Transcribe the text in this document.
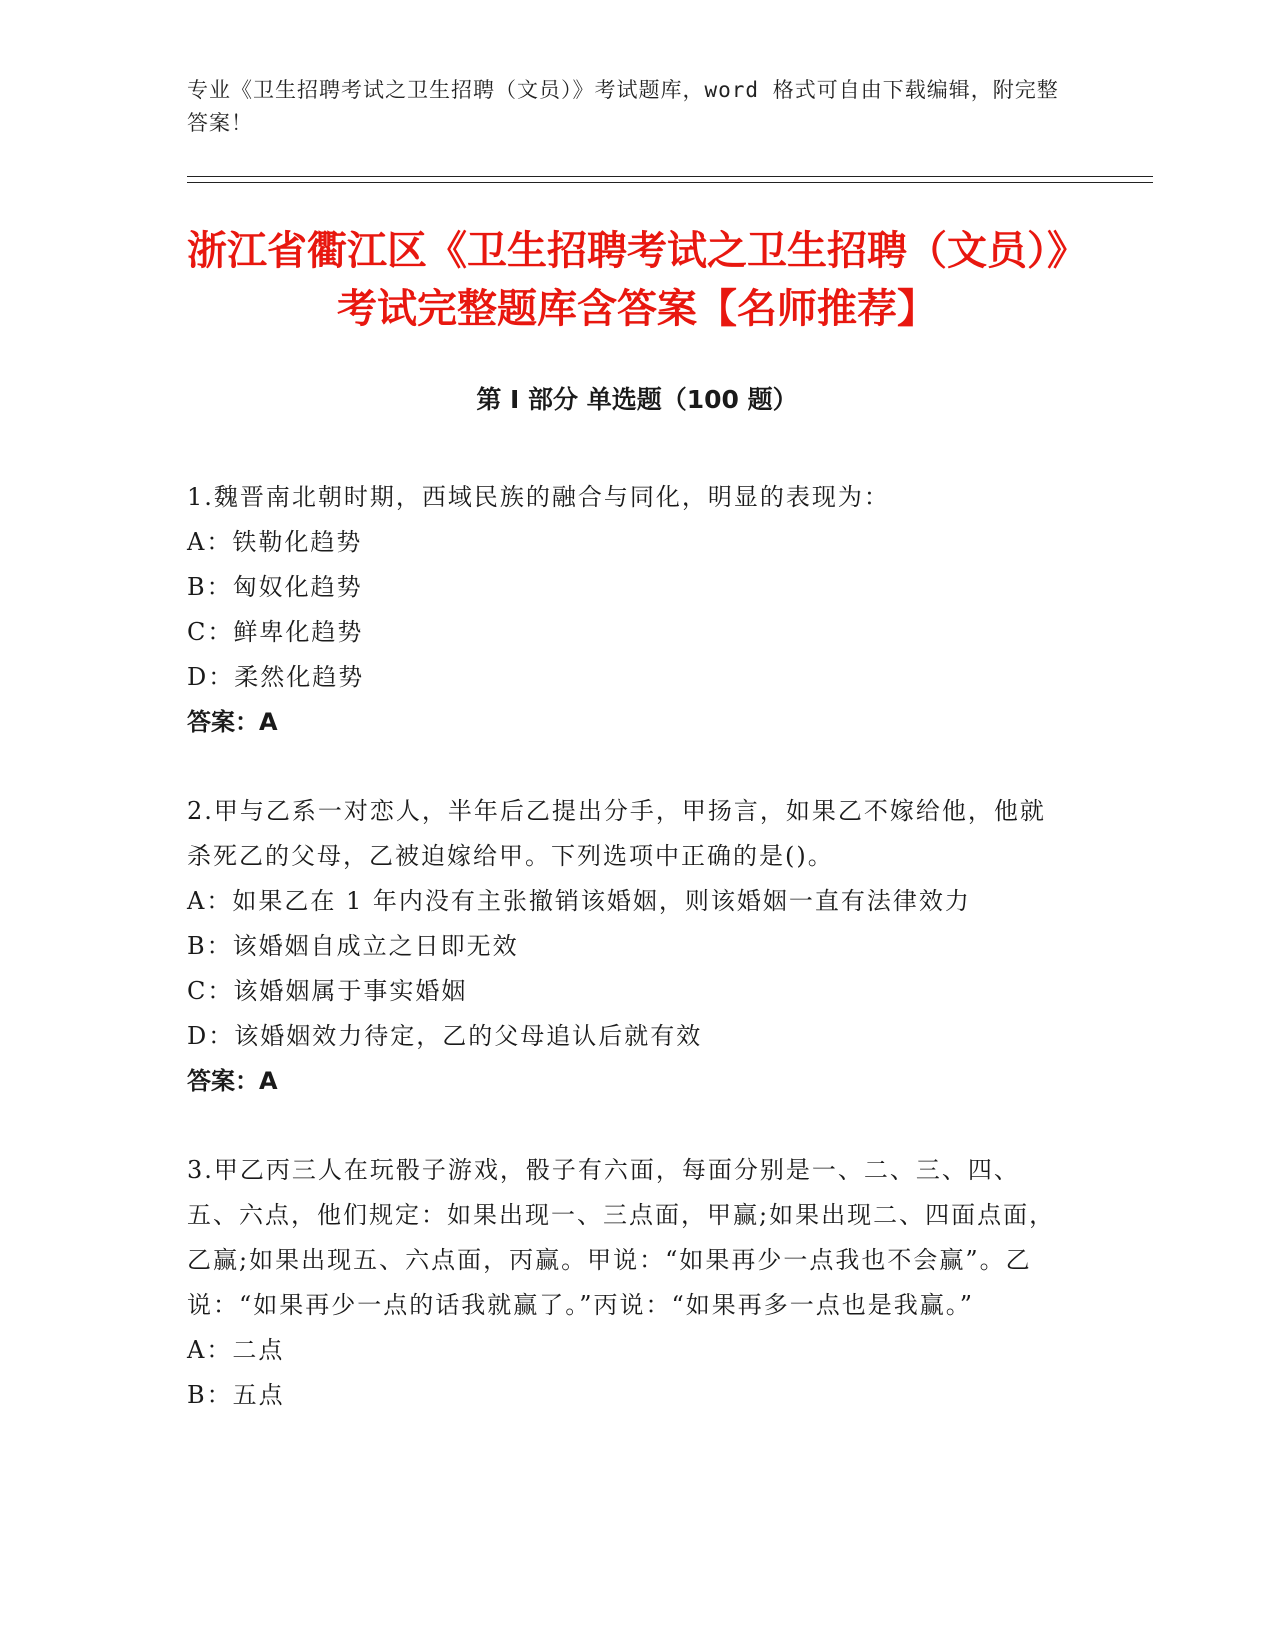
专业《卫生招聘考试之卫生招聘（文员）》考试题库，word 格式可自由下载编辑，附完整答案！
浙江省衢江区《卫生招聘考试之卫生招聘（文员）》考试完整题库含答案【名师推荐】
第 I 部分 单选题（100 题）
1.魏晋南北朝时期，西域民族的融合与同化，明显的表现为：
A：铁勒化趋势
B：匈奴化趋势
C：鲜卑化趋势
D：柔然化趋势
答案：A
2.甲与乙系一对恋人，半年后乙提出分手，甲扬言，如果乙不嫁给他，他就杀死乙的父母，乙被迫嫁给甲。下列选项中正确的是()。
A：如果乙在 1 年内没有主张撤销该婚姻，则该婚姻一直有法律效力
B：该婚姻自成立之日即无效
C：该婚姻属于事实婚姻
D：该婚姻效力待定，乙的父母追认后就有效
答案：A
3.甲乙丙三人在玩骰子游戏，骰子有六面，每面分别是一、二、三、四、五、六点，他们规定：如果出现一、三点面，甲赢;如果出现二、四面点面，乙赢;如果出现五、六点面，丙赢。甲说：“如果再少一点我也不会赢”。乙说：“如果再少一点的话我就赢了。”丙说：“如果再多一点也是我赢。”
A：二点
B：五点
